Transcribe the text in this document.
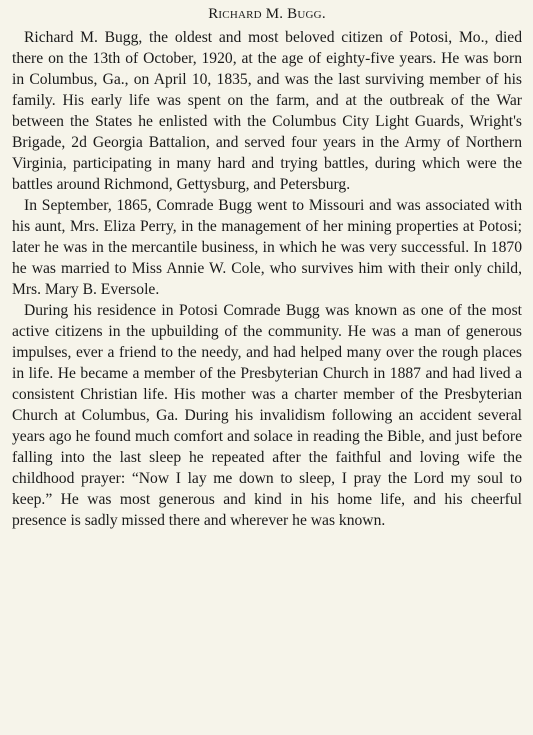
Richard M. Bugg.

Richard M. Bugg, the oldest and most beloved citizen of Potosi, Mo., died there on the 13th of October, 1920, at the age of eighty-five years. He was born in Columbus, Ga., on April 10, 1835, and was the last surviving member of his family. His early life was spent on the farm, and at the outbreak of the War between the States he enlisted with the Columbus City Light Guards, Wright's Brigade, 2d Georgia Battalion, and served four years in the Army of Northern Virginia, participating in many hard and trying battles, during which were the battles around Richmond, Gettysburg, and Petersburg.

In September, 1865, Comrade Bugg went to Missouri and was associated with his aunt, Mrs. Eliza Perry, in the management of her mining properties at Potosi; later he was in the mercantile business, in which he was very successful. In 1870 he was married to Miss Annie W. Cole, who survives him with their only child, Mrs. Mary B. Eversole.

During his residence in Potosi Comrade Bugg was known as one of the most active citizens in the upbuilding of the community. He was a man of generous impulses, ever a friend to the needy, and had helped many over the rough places in life. He became a member of the Presbyterian Church in 1887 and had lived a consistent Christian life. His mother was a charter member of the Presbyterian Church at Columbus, Ga. During his invalidism following an accident several years ago he found much comfort and solace in reading the Bible, and just before falling into the last sleep he repeated after the faithful and loving wife the childhood prayer: “Now I lay me down to sleep, I pray the Lord my soul to keep.” He was most generous and kind in his home life, and his cheerful presence is sadly missed there and wherever he was known.
